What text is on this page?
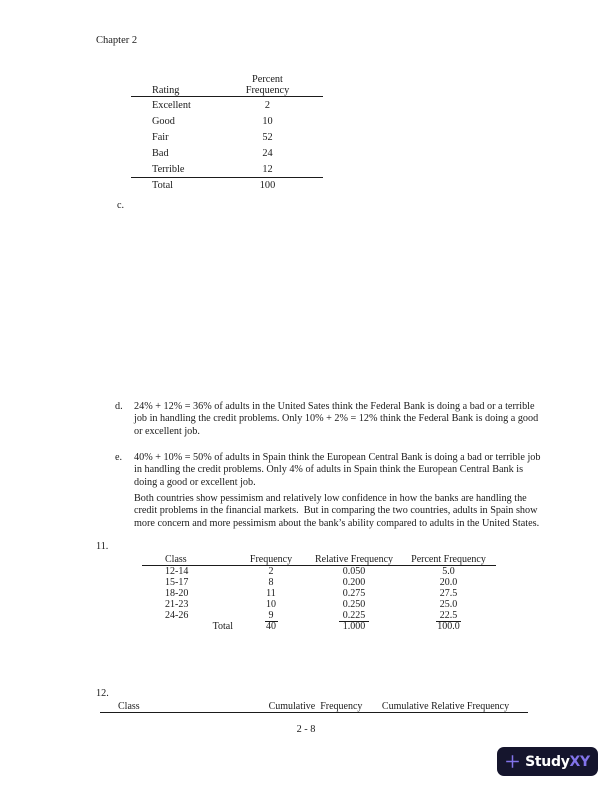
Chapter 2
Rating	Percent
Frequency

Excellent	2
Good	10
Fair	52
Bad	24
Terrible	12
Total	100
c.
d. 24% + 12% = 36% of adults in the United Sates think the Federal Bank is doing a bad or a terrible
job in handling the credit problems. Only 10% + 2% = 12% think the Federal Bank is doing a good
or excellent job.
e. 40% + 10% = 50% of adults in Spain think the European Central Bank is doing a bad or terrible job
in handling the credit problems. Only 4% of adults in Spain think the European Central Bank is
doing a good or excellent job.
Both countries show pessimism and relatively low confidence in how the banks are handling the
credit problems in the financial markets.  But in comparing the two countries, adults in Spain show
more concern and more pessimism about the bank’s ability compared to adults in the United States.
11.
Class	Frequency	Relative Frequency	Percent Frequency
12-14	2	0.050	5.0
15-17	8	0.200	20.0
18-20	11	0.275	27.5
21-23	10	0.250	25.0
24-26	9	0.225	22.5
Total	40	1.000	100.0
12.
Class	Cumulative  Frequency	Cumulative Relative Frequency
2 - 8
StudyXY
